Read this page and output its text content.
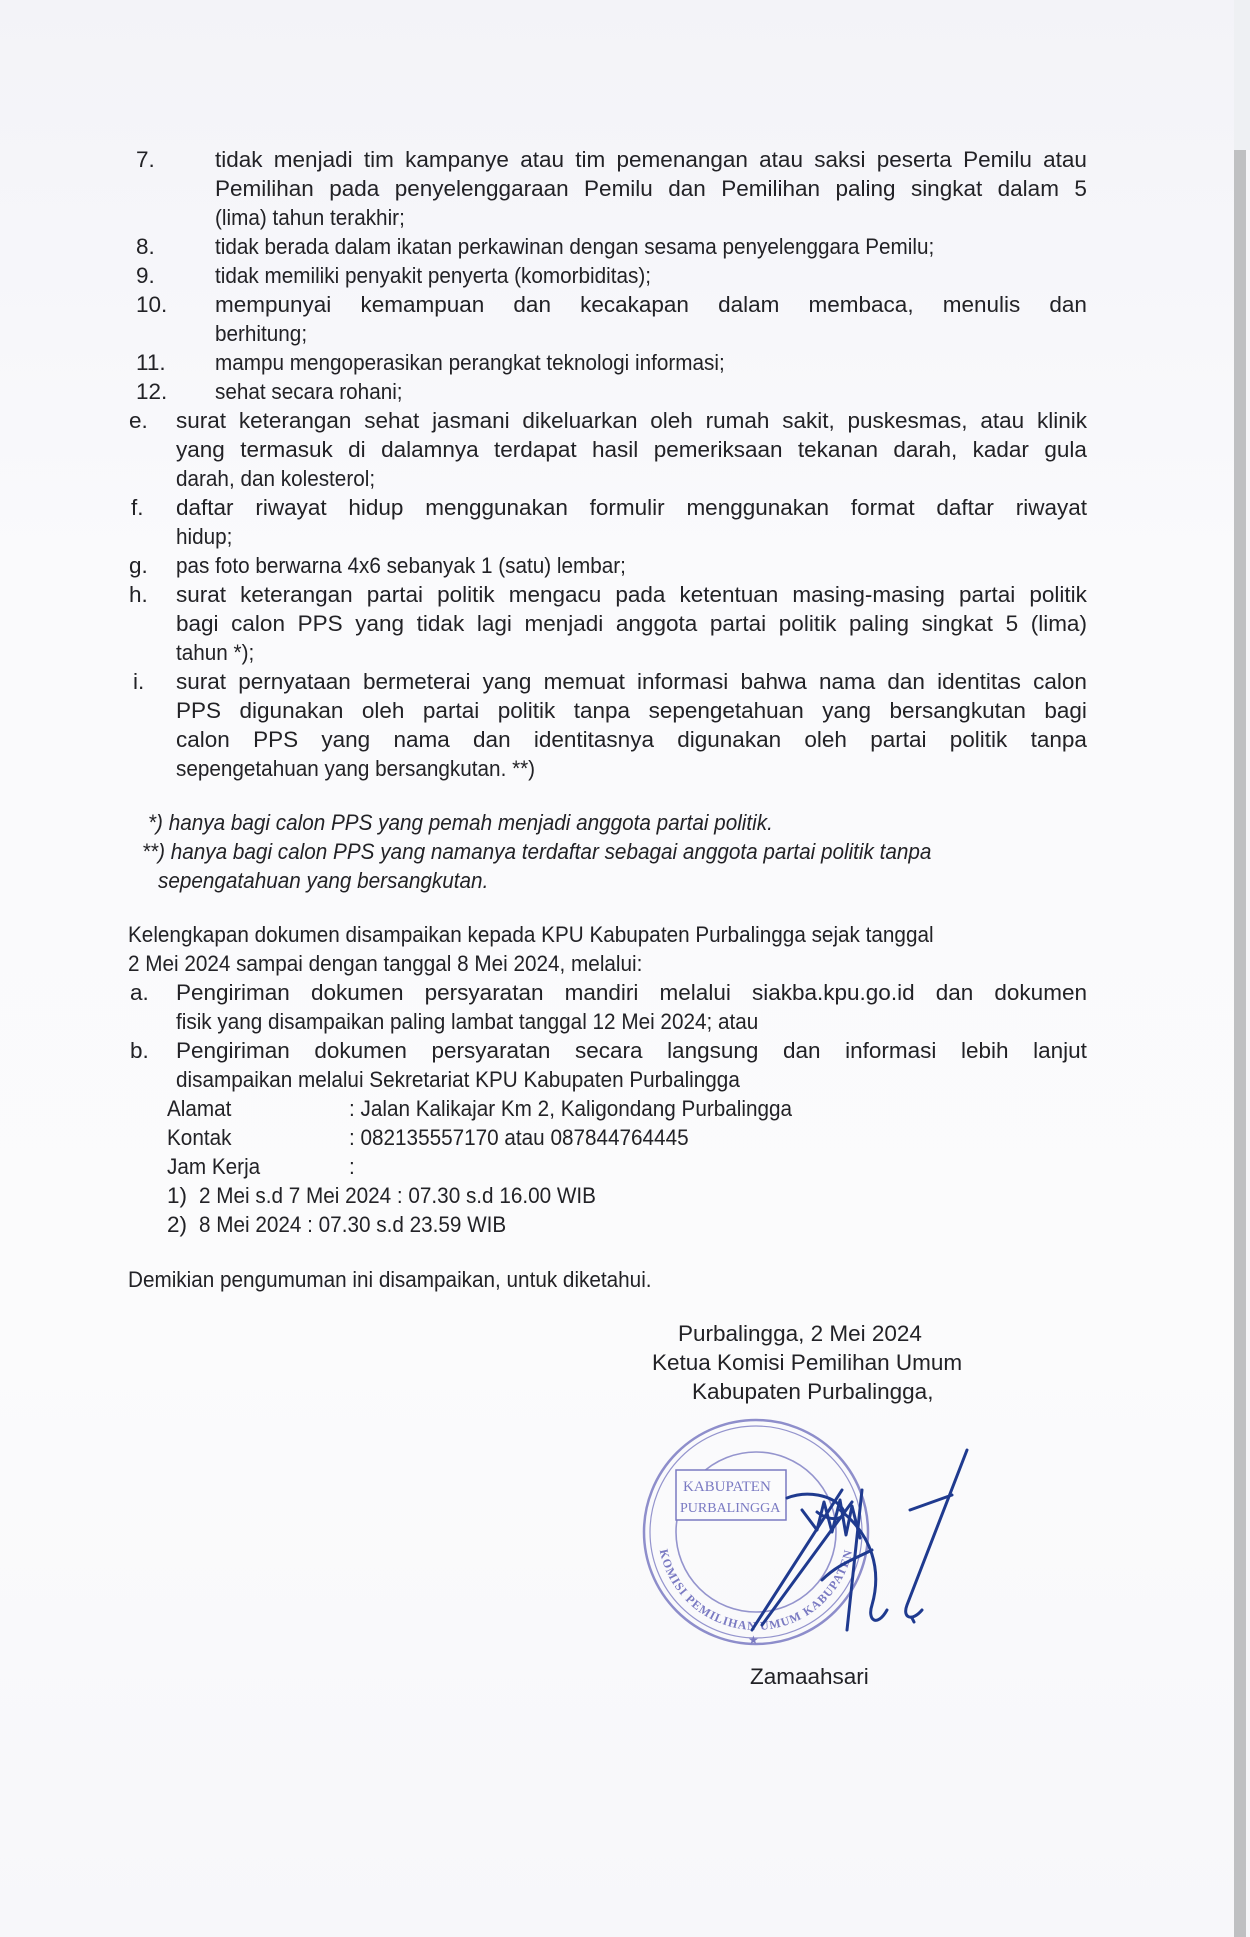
7.	tidak menjadi tim kampanye atau tim pemenangan atau saksi peserta Pemilu atau
Pemilihan pada penyelenggaraan Pemilu dan Pemilihan paling singkat dalam 5
(lima) tahun terakhir;
8.	tidak berada dalam ikatan perkawinan dengan sesama penyelenggara Pemilu;
9.	tidak memiliki penyakit penyerta (komorbiditas);
10. mempunyai kemampuan dan kecakapan dalam membaca, menulis dan
berhitung;
11. mampu mengoperasikan perangkat teknologi informasi;
12. sehat secara rohani;
e. surat keterangan sehat jasmani dikeluarkan oleh rumah sakit, puskesmas, atau klinik
yang termasuk di dalamnya terdapat hasil pemeriksaan tekanan darah, kadar gula
darah, dan kolesterol;
f. daftar riwayat hidup menggunakan formulir menggunakan format daftar riwayat
hidup;
g. pas foto berwarna 4x6 sebanyak 1 (satu) lembar;
h. surat keterangan partai politik mengacu pada ketentuan masing-masing partai politik
bagi calon PPS yang tidak lagi menjadi anggota partai politik paling singkat 5 (lima)
tahun *);
i. surat pernyataan bermeterai yang memuat informasi bahwa nama dan identitas calon
PPS digunakan oleh partai politik tanpa sepengetahuan yang bersangkutan bagi
calon PPS yang nama dan identitasnya digunakan oleh partai politik tanpa
sepengetahuan yang bersangkutan. **)
*) hanya bagi calon PPS yang pemah menjadi anggota partai politik.
**) hanya bagi calon PPS yang namanya terdaftar sebagai anggota partai politik tanpa
sepengatahuan yang bersangkutan.
Kelengkapan dokumen disampaikan kepada KPU Kabupaten Purbalingga sejak tanggal
2 Mei 2024 sampai dengan tanggal 8 Mei 2024, melalui:
a. Pengiriman dokumen persyaratan mandiri melalui siakba.kpu.go.id dan dokumen
fisik yang disampaikan paling lambat tanggal 12 Mei 2024; atau
b. Pengiriman dokumen persyaratan secara langsung dan informasi lebih lanjut
disampaikan melalui Sekretariat KPU Kabupaten Purbalingga
Alamat	: Jalan Kalikajar Km 2, Kaligondang Purbalingga
Kontak	: 082135557170 atau 087844764445
Jam Kerja	:
1) 2 Mei s.d 7 Mei 2024 : 07.30 s.d 16.00 WIB
2) 8 Mei 2024 : 07.30 s.d 23.59 WIB
Demikian pengumuman ini disampaikan, untuk diketahui.
Purbalingga, 2 Mei 2024
Ketua Komisi Pemilihan Umum
Kabupaten Purbalingga,
KOMISI PEMILIHAN UMUM KABUPATEN
KABUPATEN
PURBALINGGA
★
Zamaahsari
